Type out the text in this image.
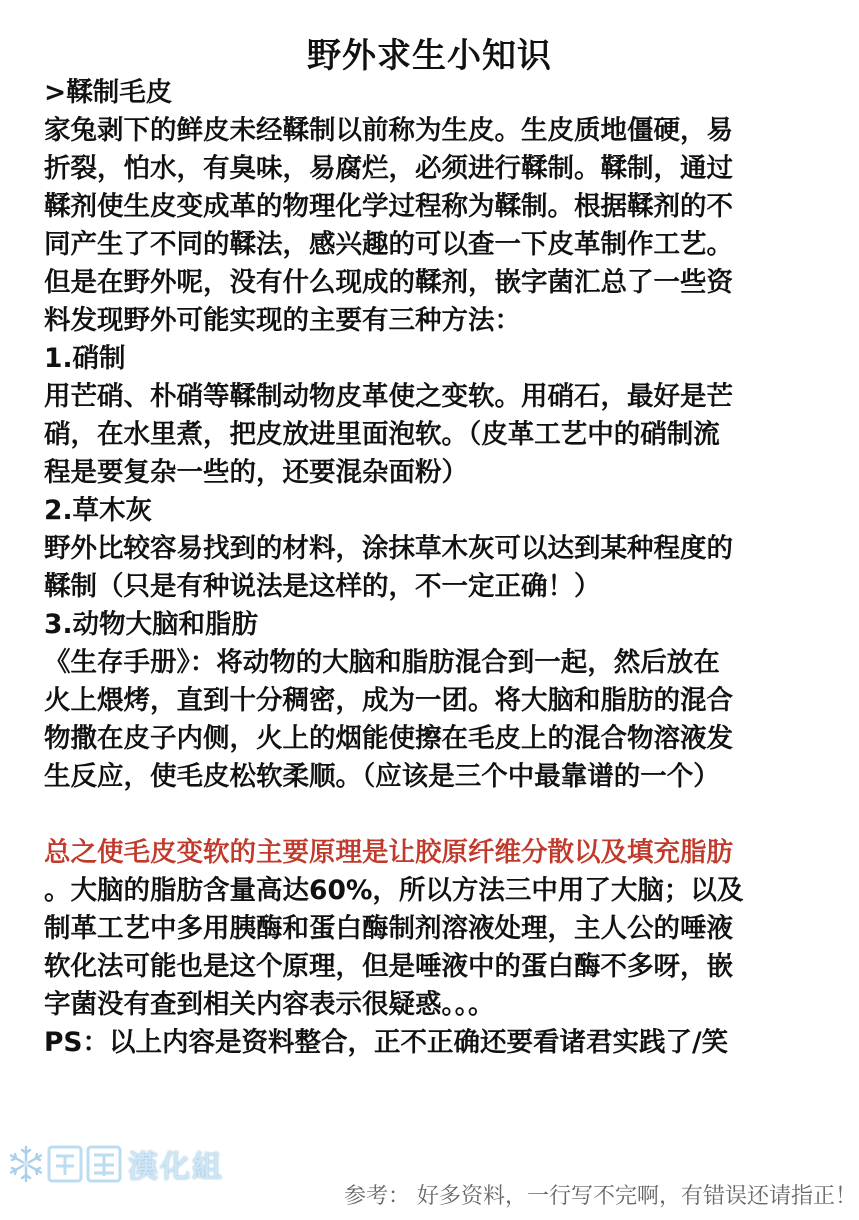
野外求生小知识

>鞣制毛皮

家兔剥下的鲜皮未经鞣制以前称为生皮。生皮质地僵硬，易

折裂，怕水，有臭味，易腐烂，必须进行鞣制。鞣制，通过

鞣剂使生皮变成革的物理化学过程称为鞣制。根据鞣剂的不

同产生了不同的鞣法，感兴趣的可以查一下皮革制作工艺。

但是在野外呢，没有什么现成的鞣剂，嵌字菌汇总了一些资

料发现野外可能实现的主要有三种方法：

1.硝制

用芒硝、朴硝等鞣制动物皮革使之变软。用硝石，最好是芒

硝，在水里煮，把皮放进里面泡软。（皮革工艺中的硝制流

程是要复杂一些的，还要混杂面粉）

2.草木灰

野外比较容易找到的材料，涂抹草木灰可以达到某种程度的

鞣制（只是有种说法是这样的，不一定正确！）

3.动物大脑和脂肪

《生存手册》：将动物的大脑和脂肪混合到一起，然后放在

火上煨烤，直到十分稠密，成为一团。将大脑和脂肪的混合

物撒在皮子内侧，火上的烟能使擦在毛皮上的混合物溶液发

生反应，使毛皮松软柔顺。（应该是三个中最靠谱的一个）

总之使毛皮变软的主要原理是让胶原纤维分散以及填充脂肪

。大脑的脂肪含量高达60%，所以方法三中用了大脑；以及

制革工艺中多用胰酶和蛋白酶制剂溶液处理，主人公的唾液

软化法可能也是这个原理，但是唾液中的蛋白酶不多呀，嵌

字菌没有查到相关内容表示很疑惑。。。

PS：以上内容是资料整合，正不正确还要看诸君实践了/笑

漢化組
参考： 好多资料，一行写不完啊，有错误还请指正！
